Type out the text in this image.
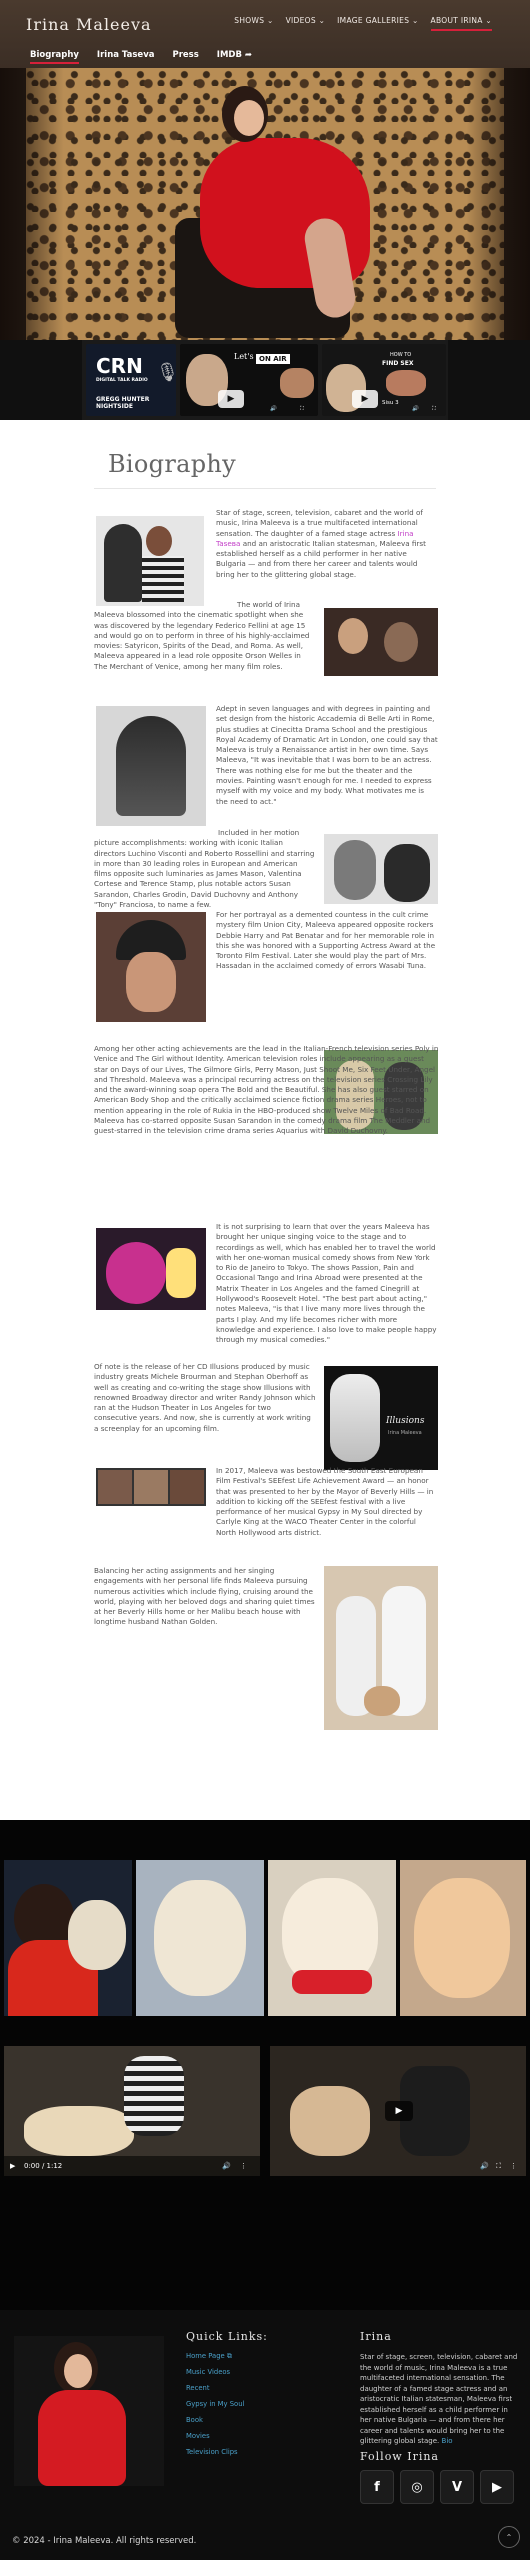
Irina Maleeva	SHOWS ⌄ VIDEOS ⌄ IMAGE GALLERIES ⌄ ABOUT IRINA ⌄
Biography Irina Taseva Press IMDB ➦
CRN
DIGITAL TALK RADIO
GREGG HUNTER NIGHTSIDE
🎙
Let's ON AIR
▶
🔊	⛶
HOW TO
FIND SEX
Sisu 3
▶
🔊 ⛶
Biography
Star of stage, screen, television, cabaret and the world of music, Irina Maleeva is a true multifaceted international sensation. The daughter of a famed stage actress Irina Tasева and an aristocratic Italian statesman, Maleeva first established herself as a child performer in her native Bulgaria — and from there her career and talents would bring her to the glittering global stage.
The world of Irina Maleeva blossomed into the cinematic spotlight when she was discovered by the legendary Federico Fellini at age 15 and would go on to perform in three of his highly-acclaimed movies: Satyricon, Spirits of the Dead, and Roma. As well, Maleeva appeared in a lead role opposite Orson Welles in The Merchant of Venice, among her many film roles.
Adept in seven languages and with degrees in painting and set design from the historic Accademia di Belle Arti in Rome, plus studies at Cinecitta Drama School and the prestigious Royal Academy of Dramatic Art in London, one could say that Maleeva is truly a Renaissance artist in her own time. Says Maleeva, "It was inevitable that I was born to be an actress. There was nothing else for me but the theater and the movies. Painting wasn't enough for me. I needed to express myself with my voice and my body. What motivates me is the need to act."
Included in her motion picture accomplishments: working with iconic Italian directors Luchino Visconti and Roberto Rossellini and starring in more than 30 leading roles in European and American films opposite such luminaries as James Mason, Valentina Cortese and Terence Stamp, plus notable actors Susan Sarandon, Charles Grodin, David Duchovny and Anthony "Tony" Franciosa, to name a few.
For her portrayal as a demented countess in the cult crime mystery film Union City, Maleeva appeared opposite rockers Debbie Harry and Pat Benatar and for her memorable role in this she was honored with a Supporting Actress Award at the Toronto Film Festival. Later she would play the part of Mrs. Hassadan in the acclaimed comedy of errors Wasabi Tuna.
Among her other acting achievements are the lead in the Italian-French television series Poly in Venice and The Girl without Identity. American television roles include appearing as a guest star on Days of our Lives, The Gilmore Girls, Perry Mason, Just Shoot Me, Six Feet Under, Angel and Threshold. Maleeva was a principal recurring actress on the television series Crossing Lily and the award-winning soap opera The Bold and the Beautiful. She has also guest starred on American Body Shop and the critically acclaimed science fiction drama series Heroes, not to mention appearing in the role of Rukia in the HBO-produced show Twelve Miles of Bad Road. Maleeva has co-starred opposite Susan Sarandon in the comedy drama film The Meddler and guest-starred in the television crime drama series Aquarius with David Duchovny.
It is not surprising to learn that over the years Maleeva has brought her unique singing voice to the stage and to recordings as well, which has enabled her to travel the world with her one-woman musical comedy shows from New York to Rio de Janeiro to Tokyo. The shows Passion, Pain and Occasional Tango and Irina Abroad were presented at the Matrix Theater in Los Angeles and the famed Cinegrill at Hollywood's Roosevelt Hotel. "The best part about acting," notes Maleeva, "is that I live many more lives through the parts I play. And my life becomes richer with more knowledge and experience. I also love to make people happy through my musical comedies."
Illusions
Irina Maleeva
Of note is the release of her CD Illusions produced by music industry greats Michele Brourman and Stephan Oberhoff as well as creating and co-writing the stage show Illusions with renowned Broadway director and writer Randy Johnson which ran at the Hudson Theater in Los Angeles for two consecutive years. And now, she is currently at work writing a screenplay for an upcoming film.
In 2017, Maleeva was bestowed the South East European Film Festival's SEEfest Life Achievement Award — an honor that was presented to her by the Mayor of Beverly Hills — in addition to kicking off the SEEfest festival with a live performance of her musical Gypsy in My Soul directed by Carlyle King at the WACO Theater Center in the colorful North Hollywood arts district.
Balancing her acting assignments and her singing engagements with her personal life finds Maleeva pursuing numerous activities which include flying, cruising around the world, playing with her beloved dogs and sharing quiet times at her Beverly Hills home or her Malibu beach house with longtime husband Nathan Golden.
▶ 0:00 / 1:12	🔊 ⋮
▶
🔊 ⛶ ⋮
Quick Links:
Home Page ⧉
Music Videos
Recent
Gypsy in My Soul
Book
Movies
Television Clips
Irina
Star of stage, screen, television, cabaret and the world of music, Irina Maleeva is a true multifaceted international sensation. The daughter of a famed stage actress and an aristocratic Italian statesman, Maleeva first established herself as a child performer in her native Bulgaria — and from there her career and talents would bring her to the glittering global stage. Bio
Follow Irina
f	◎	V	▶
© 2024 - Irina Maleeva. All rights reserved.	⌃
